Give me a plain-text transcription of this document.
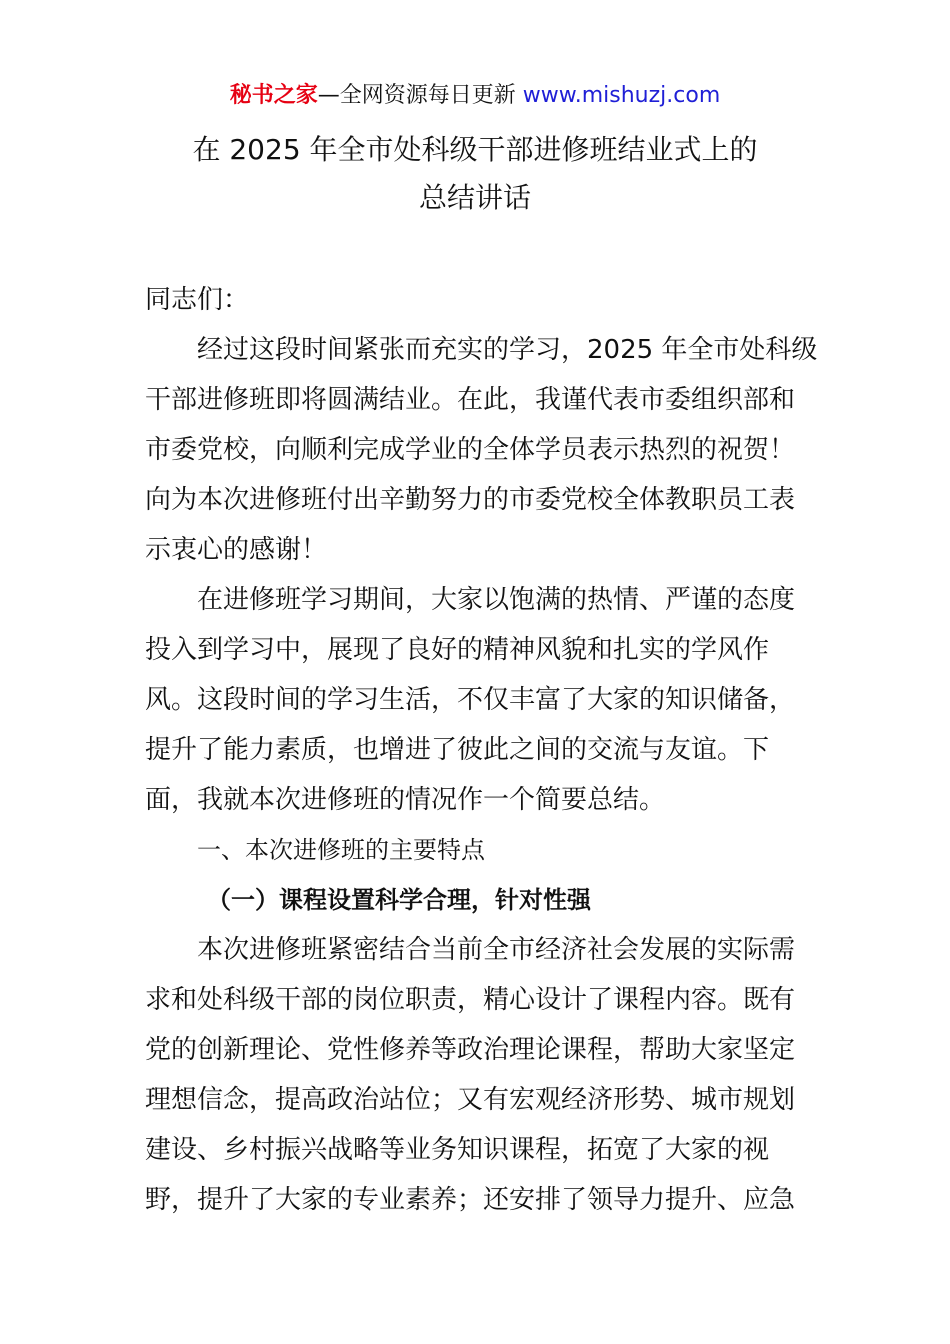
秘书之家—全网资源每日更新 www.mishuzj.com
在 2025 年全市处科级干部进修班结业式上的
总结讲话
同志们：
经过这段时间紧张而充实的学习，2025 年全市处科级
干部进修班即将圆满结业。在此，我谨代表市委组织部和
市委党校，向顺利完成学业的全体学员表示热烈的祝贺！
向为本次进修班付出辛勤努力的市委党校全体教职员工表
示衷心的感谢！
在进修班学习期间，大家以饱满的热情、严谨的态度
投入到学习中，展现了良好的精神风貌和扎实的学风作
风。这段时间的学习生活，不仅丰富了大家的知识储备，
提升了能力素质，也增进了彼此之间的交流与友谊。下
面，我就本次进修班的情况作一个简要总结。
一、本次进修班的主要特点
（一）课程设置科学合理，针对性强
本次进修班紧密结合当前全市经济社会发展的实际需
求和处科级干部的岗位职责，精心设计了课程内容。既有
党的创新理论、党性修养等政治理论课程，帮助大家坚定
理想信念，提高政治站位；又有宏观经济形势、城市规划
建设、乡村振兴战略等业务知识课程，拓宽了大家的视
野，提升了大家的专业素养；还安排了领导力提升、应急
